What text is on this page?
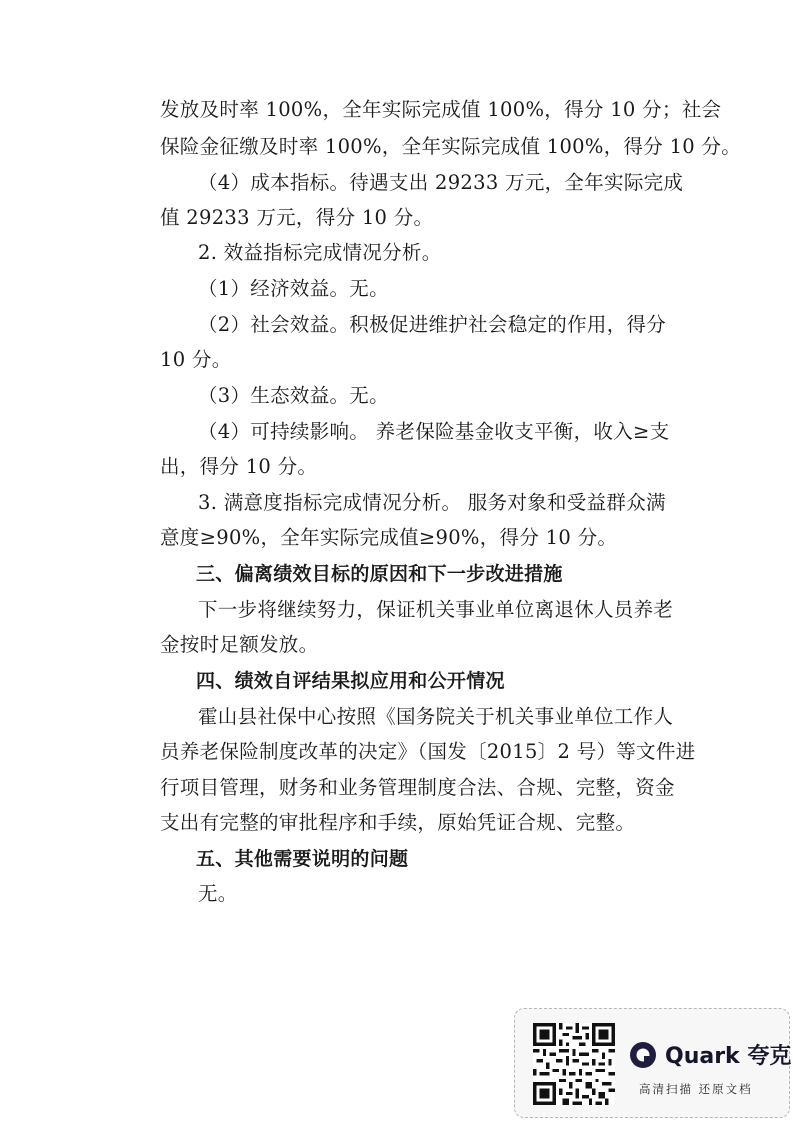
发放及时率 100%，全年实际完成值 100%，得分 10 分；社会
保险金征缴及时率 100%，全年实际完成值 100%，得分 10 分。
（4）成本指标。待遇支出 29233 万元，全年实际完成
值 29233 万元，得分 10 分。
2. 效益指标完成情况分析。
（1）经济效益。无。
（2）社会效益。积极促进维护社会稳定的作用，得分
10 分。
（3）生态效益。无。
（4）可持续影响。 养老保险基金收支平衡，收入≥支
出，得分 10 分。
3. 满意度指标完成情况分析。 服务对象和受益群众满
意度≥90%，全年实际完成值≥90%，得分 10 分。
三、偏离绩效目标的原因和下一步改进措施
下一步将继续努力，保证机关事业单位离退休人员养老
金按时足额发放。
四、绩效自评结果拟应用和公开情况
霍山县社保中心按照《国务院关于机关事业单位工作人
员养老保险制度改革的决定》（国发〔2015〕2 号）等文件进
行项目管理，财务和业务管理制度合法、合规、完整，资金
支出有完整的审批程序和手续，原始凭证合规、完整。
五、其他需要说明的问题
无。
Quark 夸克
高清扫描 还原文档
